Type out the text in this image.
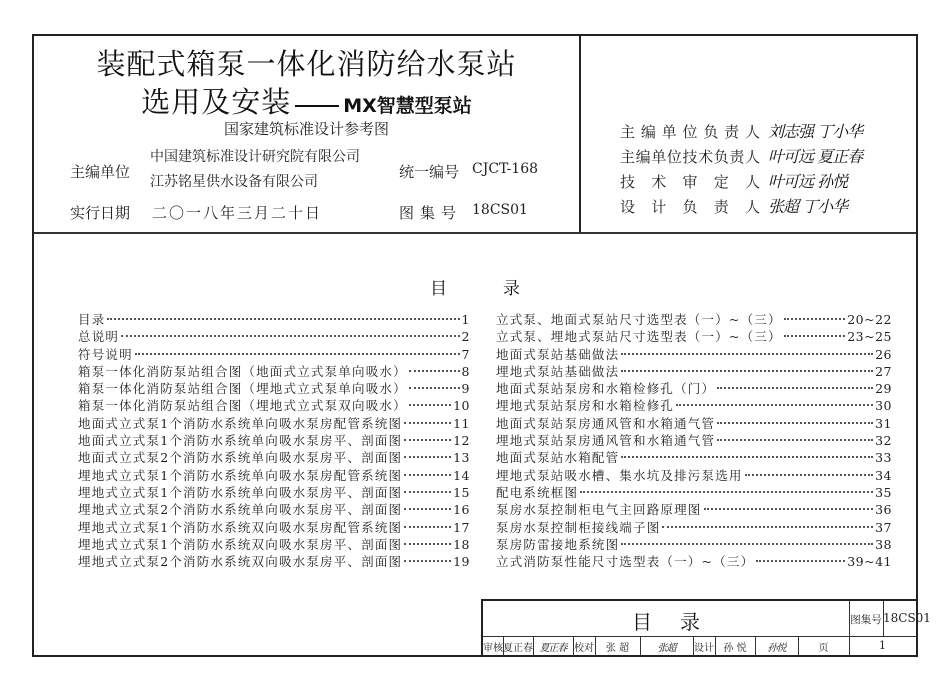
装配式箱泵一体化消防给水泵站
选用及安装	MX智慧型泵站
国家建筑标准设计参考图
主编单位
中国建筑标准设计研究院有限公司
江苏铭星供水设备有限公司
实行日期 二〇一八年三月二十日
统一编号 CJCT-168
图集号 18CS01
主编单位负责人 刘志强 丁小华
主编单位技术负责人 叶可远 夏正春
技术审定人 叶可远 孙悦
设计负责人 张超 丁小华
目	录
目录	1
总说明	2
符号说明	7
箱泵一体化消防泵站组合图（地面式立式泵单向吸水）	8
箱泵一体化消防泵站组合图（埋地式立式泵单向吸水）	9
箱泵一体化消防泵站组合图（埋地式立式泵双向吸水）	10
地面式立式泵1个消防水系统单向吸水泵房配管系统图	11
地面式立式泵1个消防水系统单向吸水泵房平、剖面图	12
地面式立式泵2个消防水系统单向吸水泵房平、剖面图	13
埋地式立式泵1个消防水系统单向吸水泵房配管系统图	14
埋地式立式泵1个消防水系统单向吸水泵房平、剖面图	15
埋地式立式泵2个消防水系统单向吸水泵房平、剖面图	16
埋地式立式泵1个消防水系统双向吸水泵房配管系统图	17
埋地式立式泵1个消防水系统双向吸水泵房平、剖面图	18
埋地式立式泵2个消防水系统双向吸水泵房平、剖面图	19
立式泵、地面式泵站尺寸选型表（一）~（三）	20~22
立式泵、埋地式泵站尺寸选型表（一）~（三）	23~25
地面式泵站基础做法	26
埋地式泵站基础做法	27
地面式泵站泵房和水箱检修孔（门）	29
埋地式泵站泵房和水箱检修孔	30
地面式泵站泵房通风管和水箱通气管	31
埋地式泵站泵房通风管和水箱通气管	32
地面式泵站水箱配管	33
埋地式泵站吸水槽、集水坑及排污泵选用	34
配电系统框图	35
泵房水泵控制柜电气主回路原理图	36
泵房水泵控制柜接线端子图	37
泵房防雷接地系统图	38
立式消防泵性能尺寸选型表（一）~（三）	39~41
目 录	图集号 18CS01
审核 夏正春 夏正春 校对	张 超	张超	设计 孙 悦	孙悦	页	1
